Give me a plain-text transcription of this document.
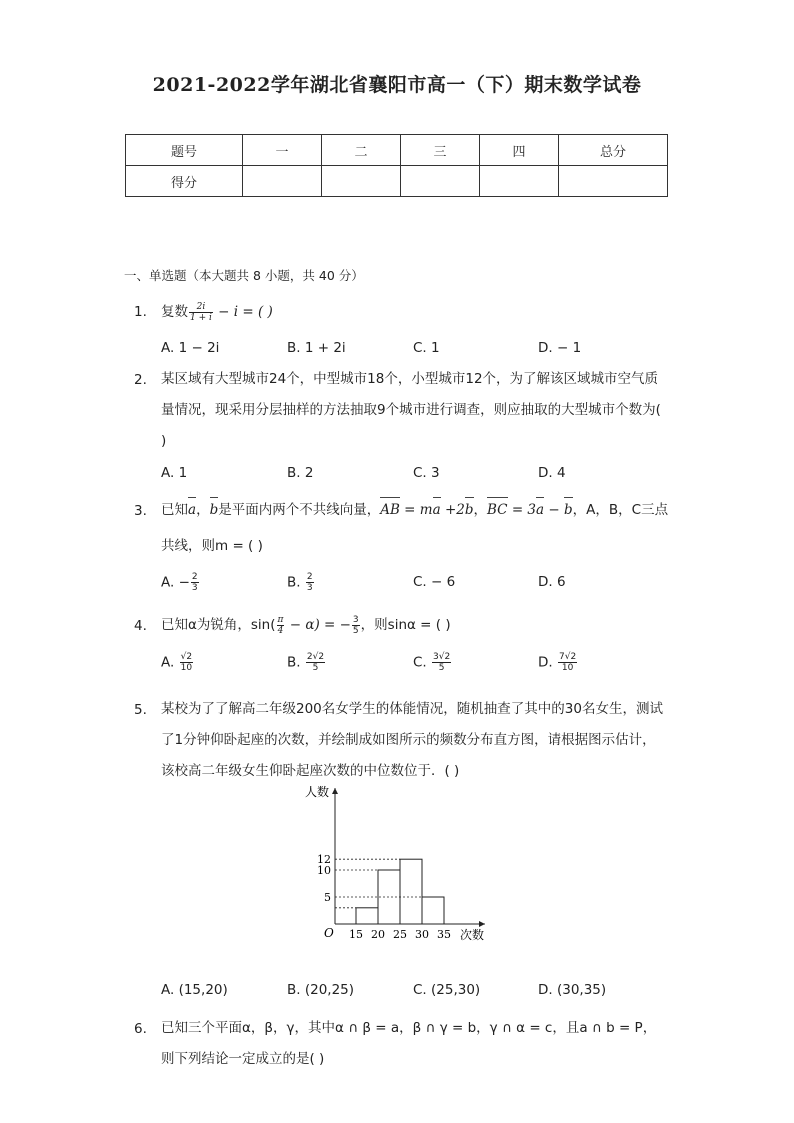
2021-2022学年湖北省襄阳市高一（下）期末数学试卷
题号	一	二	三	四	总分
得分					
一、单选题（本大题共 8 小题，共 40 分）
1. 复数 $\frac{2i}{1 + i} - i$ = ( )
A. 1 − 2i	B. 1 + 2i	C. 1	D. − 1
2. 某区域有大型城市24个，中型城市18个，小型城市12个，为了解该区域城市空气质量情况，现采用分层抽样的方法抽取9个城市进行调查，则应抽取的大型城市个数为( )
A. 1	B. 2	C. 3	D. 4
3. 已知a，b是平面内两个不共线向量，AB = ma +2b，BC = 3a − b，A，B，C三点
共线，则m = ( )
A. − $\frac{2}{3}$	B. $\frac{2}{3}$	C. − 6	D. 6
4. 已知α为锐角，$\sin( \frac{\pi}{4} - \alpha)$ = − $\frac{3}{5}$ ，则sinα = ( )
A. $\frac{√2}{10}$	B. $\frac{2√2}{5}$	C. $\frac{3√2}{5}$	D. $\frac{7√2}{10}$
5. 某校为了了解高二年级200名女学生的体能情况，随机抽查了其中的30名女生，测试了1分钟仰卧起座的次数，并绘制成如图所示的频数分布直方图，请根据图示估计，该校高二年级女生仰卧起座次数的中位数位于．( )
人数
次数
O
5
10
12
15 20 25 30 35
A. (15,20)	B. (20,25)	C. (25,30)	D. (30,35)
6. 已知三个平面α，β，γ，其中α ∩ β = a，β ∩ γ = b，γ ∩ α = c，且a ∩ b = P，则下列结论一定成立的是( )
